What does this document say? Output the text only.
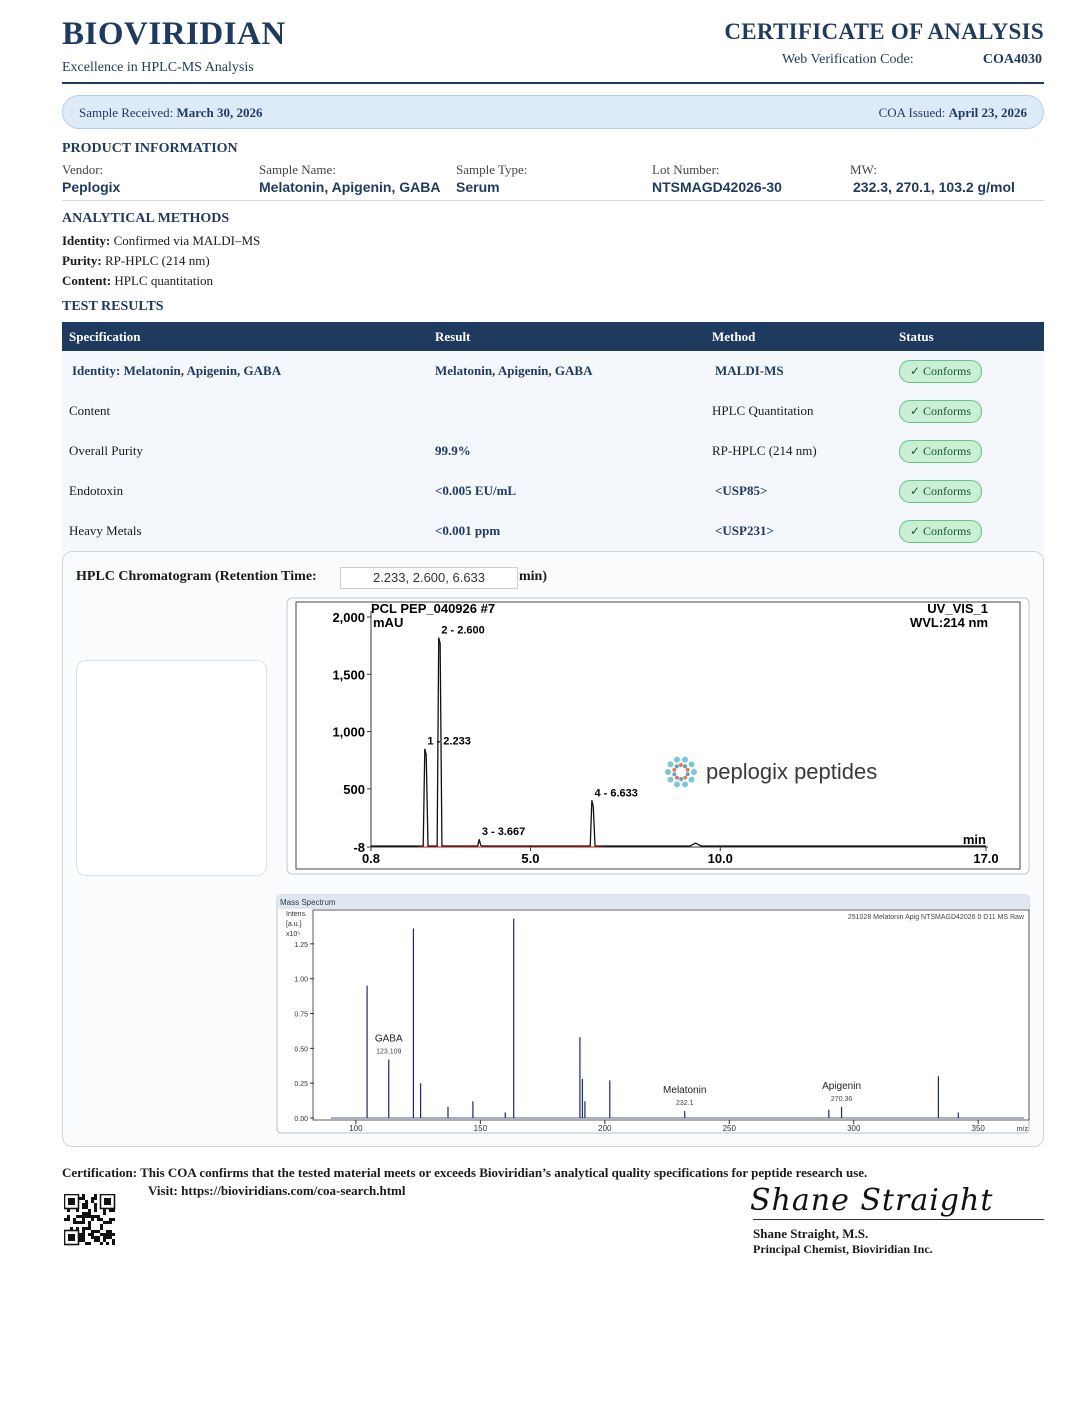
BIOVIRIDIAN
Excellence in HPLC-MS Analysis
CERTIFICATE OF ANALYSIS
Web Verification Code:	COA4030
Sample Received: March 30, 2026	COA Issued: April 23, 2026
PRODUCT INFORMATION
Vendor:
Peplogix
Sample Name:
Melatonin, Apigenin, GABA
Sample Type:
Serum
Lot Number:
NTSMAGD42026-30
MW:
232.3, 270.1, 103.2 g/mol
ANALYTICAL METHODS
Identity: Confirmed via MALDI–MS
Purity: RP-HPLC (214 nm)
Content: HPLC quantitation
TEST RESULTS
Specification	Result	Method	Status
Identity: Melatonin, Apigenin, GABA	Melatonin, Apigenin, GABA	MALDI-MS	✓ Conforms
Content		HPLC Quantitation	✓ Conforms
Overall Purity	99.9%	RP-HPLC (214 nm)	✓ Conforms
Endotoxin	<0.005 EU/mL	<USP85>	✓ Conforms
Heavy Metals	<0.001 ppm	<USP231>	✓ Conforms
HPLC Chromatogram (Retention Time:	2.233, 2.600, 6.633	min)
PCL PEP_040926 #7	UV_VIS_1
WVL:214 nm
mAU
min
2,000
1,500
1,000
500
-8
0.8	5.0	10.0	17.0
1 - 2.233
2 - 2.600
3 - 3.667
4 - 6.633
peplogix peptides
Mass Spectrum
251028 Melatonin Apig NTSMAGD42026 0 D11 MS Raw
Intens.
[a.u.]
x10⁵
1.25
1.00
0.75
0.50
0.25
0.00
100	150	200	250	300	350	m/z
GABA
123.109
Melatonin
232.1
Apigenin
270.36
Certification: This COA confirms that the tested material meets or exceeds Bioviridian’s analytical quality specifications for peptide research use.
Visit: https://bioviridians.com/coa-search.html	Shane Straight
Shane Straight, M.S.
Principal Chemist, Bioviridian Inc.
